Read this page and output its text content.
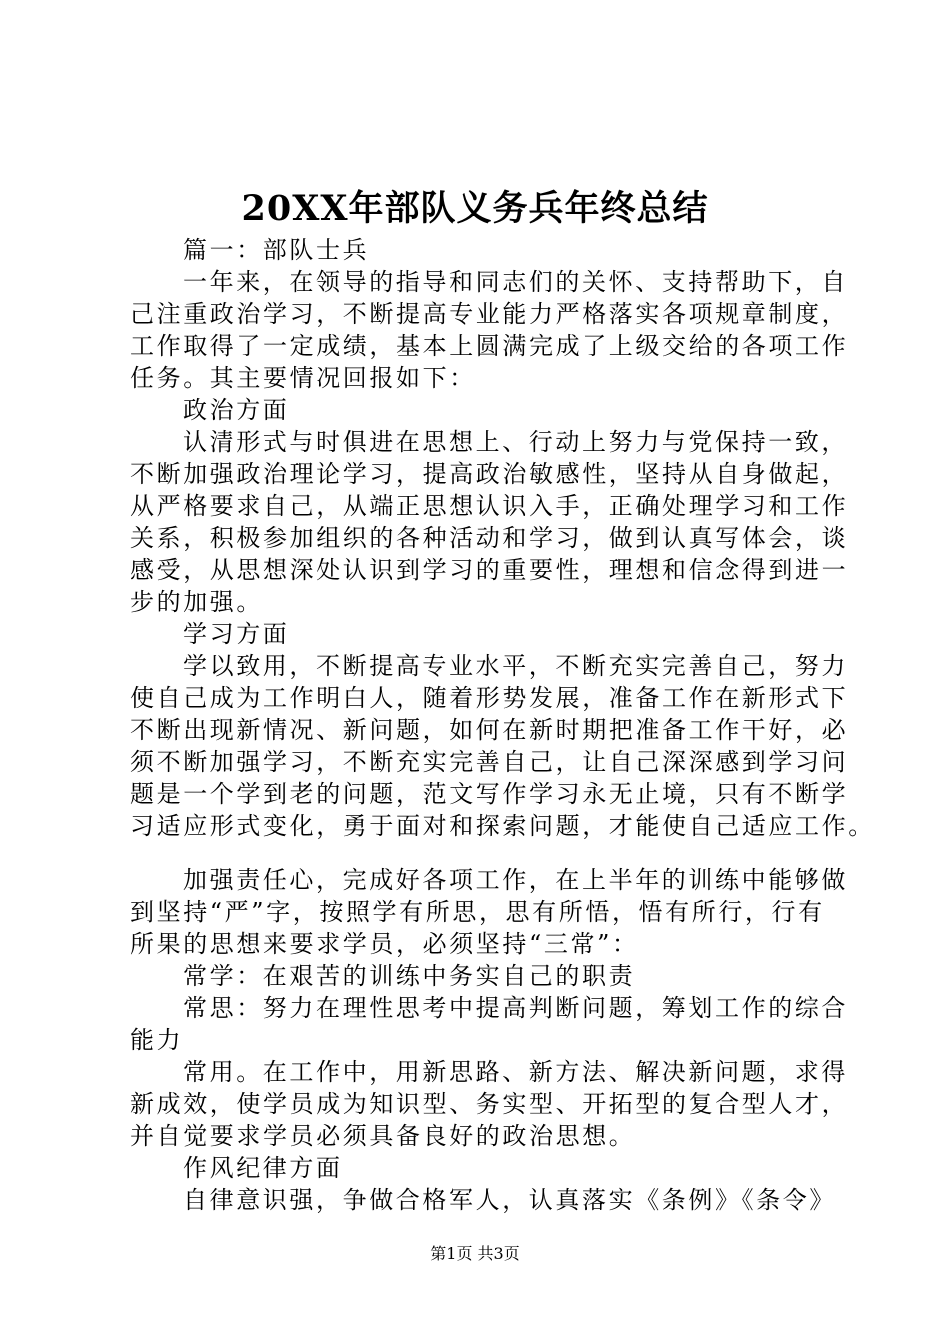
20XX年部队义务兵年终总结
篇一：部队士兵
一年来，在领导的指导和同志们的关怀、支持帮助下，自
己注重政治学习，不断提高专业能力严格落实各项规章制度，
工作取得了一定成绩，基本上圆满完成了上级交给的各项工作
任务。其主要情况回报如下：
政治方面
认清形式与时俱进在思想上、行动上努力与党保持一致，
不断加强政治理论学习，提高政治敏感性，坚持从自身做起，
从严格要求自己，从端正思想认识入手，正确处理学习和工作
关系，积极参加组织的各种活动和学习，做到认真写体会，谈
感受，从思想深处认识到学习的重要性，理想和信念得到进一
步的加强。
学习方面
学以致用，不断提高专业水平，不断充实完善自己，努力
使自己成为工作明白人，随着形势发展，准备工作在新形式下
不断出现新情况、新问题，如何在新时期把准备工作干好，必
须不断加强学习，不断充实完善自己，让自己深深感到学习问
题是一个学到老的问题，范文写作学习永无止境，只有不断学
习适应形式变化，勇于面对和探索问题，才能使自己适应工作。
加强责任心，完成好各项工作，在上半年的训练中能够做
到坚持“严”字，按照学有所思，思有所悟，悟有所行，行有
所果的思想来要求学员，必须坚持“三常”：
常学：在艰苦的训练中务实自己的职责
常思：努力在理性思考中提高判断问题，筹划工作的综合
能力
常用。在工作中，用新思路、新方法、解决新问题，求得
新成效，使学员成为知识型、务实型、开拓型的复合型人才，
并自觉要求学员必须具备良好的政治思想。
作风纪律方面
自律意识强，争做合格军人，认真落实《条例》《条令》
第1页 共3页
